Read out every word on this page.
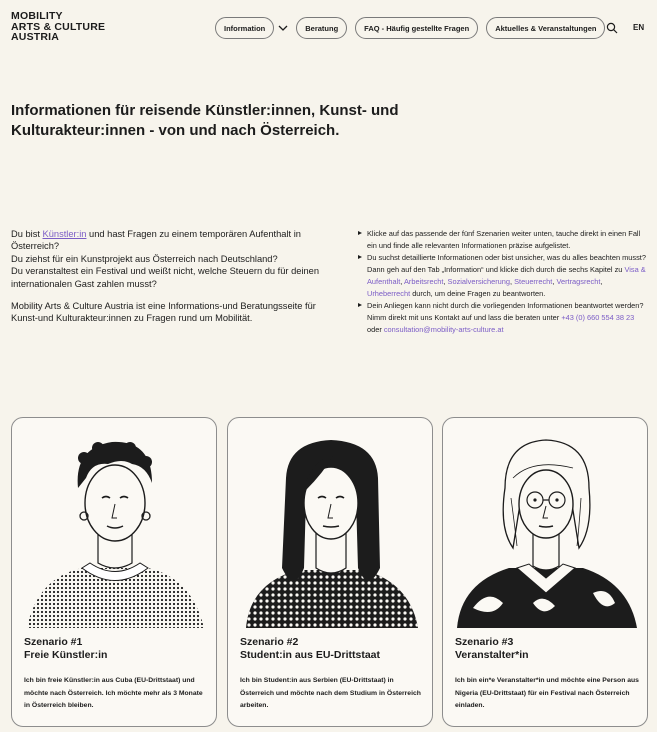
MOBILITY
ARTS & CULTURE
AUSTRIA
Information	Beratung	FAQ - Häufig gestellte Fragen	Aktuelles & Veranstaltungen	EN
Informationen für reisende Künstler:innen, Kunst- und Kulturakteur:innen - von und nach Österreich.

Du bist Künstler:in und hast Fragen zu einem temporären Aufenthalt in Österreich?
Du ziehst für ein Kunstprojekt aus Österreich nach Deutschland?
Du veranstaltest ein Festival und weißt nicht, welche Steuern du für deinen internationalen Gast zahlen musst?

Mobility Arts & Culture Austria ist eine Informations-und Beratungsseite für Kunst-und Kulturakteur:innen zu Fragen rund um Mobilität.

Klicke auf das passende der fünf Szenarien weiter unten, tauche direkt in einen Fall ein und finde alle relevanten Informationen präzise aufgelistet.
Du suchst detaillierte Informationen oder bist unsicher, was du alles beachten musst? Dann geh auf den Tab „Information“ und klicke dich durch die sechs Kapitel zu Visa & Aufenthalt, Arbeitsrecht, Sozialversicherung, Steuerrecht, Vertragsrecht, Urheberrecht durch, um deine Fragen zu beantworten.
Dein Anliegen kann nicht durch die vorliegenden Informationen beantwortet werden? Nimm direkt mit uns Kontakt auf und lass die beraten unter +43 (0) 660 554 38 23 oder consultation@mobility-arts-culture.at
Szenario #1
Freie Künstler:in
Ich bin freie Künstler:in aus Cuba (EU-Drittstaat) und möchte nach Österreich. Ich möchte mehr als 3 Monate in Österreich bleiben.
Szenario #2
Student:in aus EU-Drittstaat
Ich bin Student:in aus Serbien (EU-Drittstaat) in Österreich und möchte nach dem Studium in Österreich arbeiten.
Szenario #3
Veranstalter*in
Ich bin ein*e Veranstalter*in und möchte eine Person aus Nigeria (EU-Drittstaat) für ein Festival nach Österreich einladen.
